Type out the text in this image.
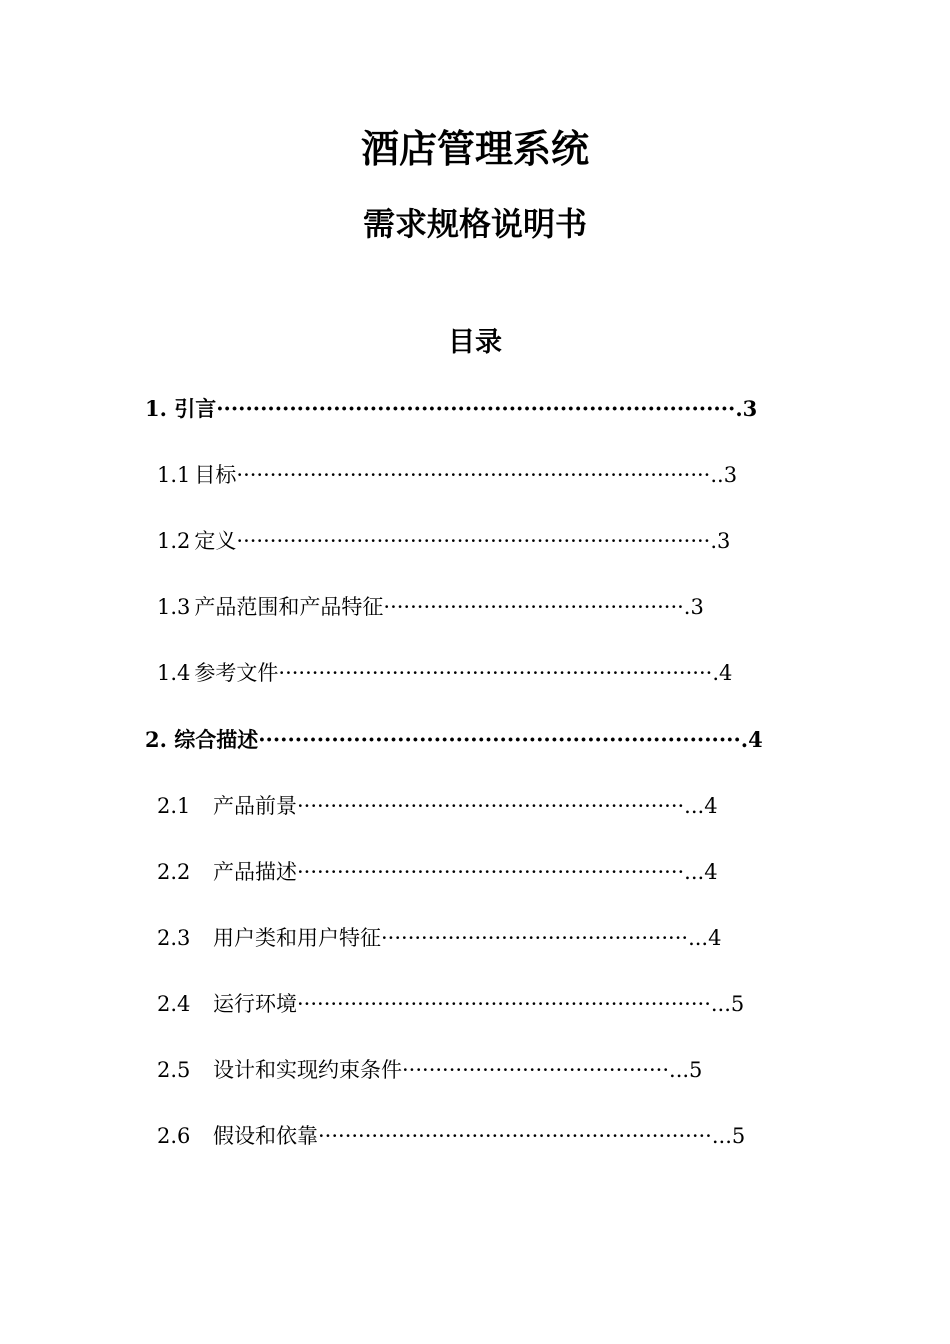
酒店管理系统
需求规格说明书
目录
1. 引言·······································································.3
1.1 目标·······································································..3
1.2 定义·······································································.3
1.3 产品范围和产品特征·············································.3
1.4 参考文件·································································.4
2. 综合描述··································································.4
2.1 产品前景··························································...4
2.2 产品描述··························································...4
2.3 用户类和用户特征··············································...4
2.4 运行环境······························································...5
2.5 设计和实现约束条件········································...5
2.6 假设和依靠···························································...5
